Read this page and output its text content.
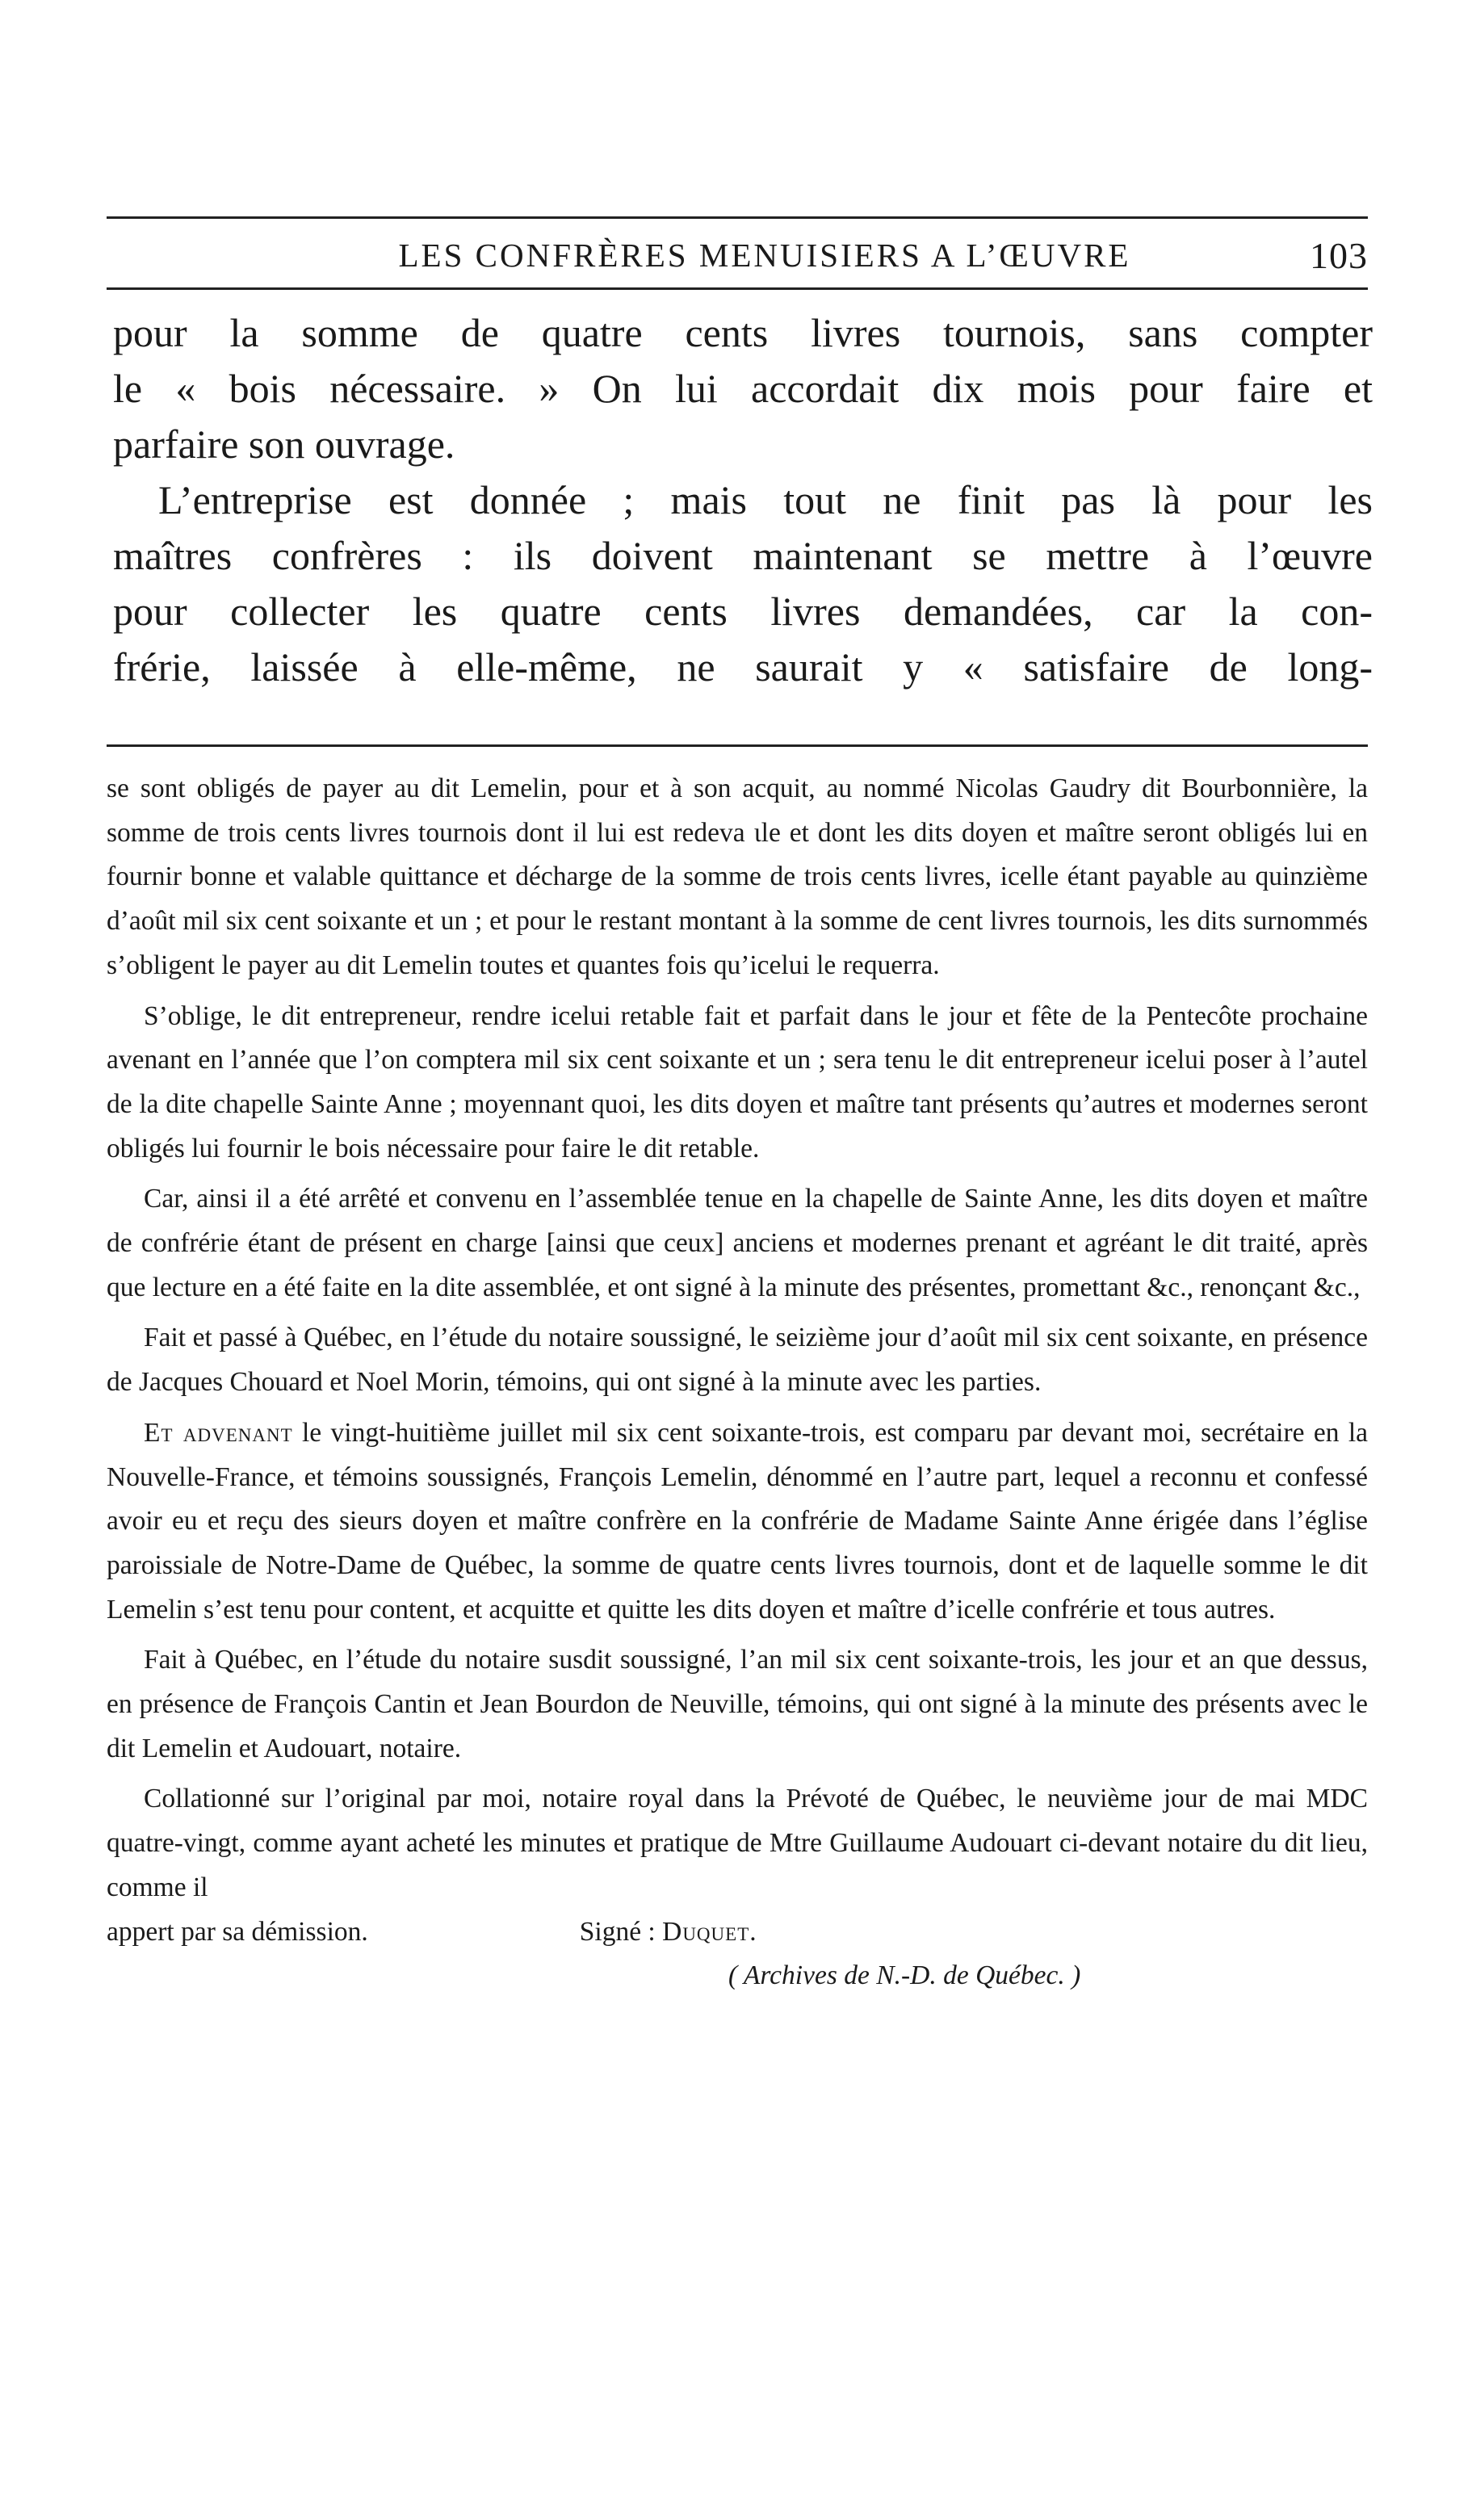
LES CONFRÈRES MENUISIERS A L’ŒUVRE	103
pour la somme de quatre cents livres tournois, sans compter
le « bois nécessaire. » On lui accordait dix mois pour faire et
parfaire son ouvrage.
L’entreprise est donnée ; mais tout ne finit pas là pour les
maîtres confrères : ils doivent maintenant se mettre à l’œuvre
pour collecter les quatre cents livres demandées, car la con-
frérie, laissée à elle-même, ne saurait y « satisfaire de long-

se sont obligés de payer au dit Lemelin, pour et à son acquit, au nommé Nicolas Gaudry dit Bourbonnière, la somme de trois cents livres tournois dont il lui est redeva ɩle et dont les dits doyen et maître seront obligés lui en fournir bonne et valable quittance et décharge de la somme de trois cents livres, icelle étant payable au quinzième d’août mil six cent soixante et un ; et pour le restant montant à la somme de cent livres tournois, les dits surnommés s’obligent le payer au dit Lemelin toutes et quantes fois qu’icelui le requerra.

S’oblige, le dit entrepreneur, rendre icelui retable fait et parfait dans le jour et fête de la Pentecôte prochaine avenant en l’année que l’on comptera mil six cent soixante et un ; sera tenu le dit entrepreneur icelui poser à l’autel de la dite chapelle Sainte Anne ; moyennant quoi, les dits doyen et maître tant présents qu’autres et modernes seront obligés lui fournir le bois nécessaire pour faire le dit retable.

Car, ainsi il a été arrêté et convenu en l’assemblée tenue en la chapelle de Sainte Anne, les dits doyen et maître de confrérie étant de présent en charge [ainsi que ceux] anciens et modernes prenant et agréant le dit traité, après que lecture en a été faite en la dite assemblée, et ont signé à la minute des présentes, promettant &c., renonçant &c.,

Fait et passé à Québec, en l’étude du notaire soussigné, le seizième jour d’août mil six cent soixante, en présence de Jacques Chouard et Noel Morin, témoins, qui ont signé à la minute avec les parties.

Et advenant le vingt-huitième juillet mil six cent soixante-trois, est comparu par devant moi, secrétaire en la Nouvelle-France, et témoins soussignés, François Lemelin, dénommé en l’autre part, lequel a reconnu et confessé avoir eu et reçu des sieurs doyen et maître confrère en la confrérie de Madame Sainte Anne érigée dans l’église paroissiale de Notre-Dame de Québec, la somme de quatre cents livres tournois, dont et de laquelle somme le dit Lemelin s’est tenu pour content, et acquitte et quitte les dits doyen et maître d’icelle confrérie et tous autres.

Fait à Québec, en l’étude du notaire susdit soussigné, l’an mil six cent soixante-trois, les jour et an que dessus, en présence de François Cantin et Jean Bourdon de Neuville, témoins, qui ont signé à la minute des présents avec le dit Lemelin et Audouart, notaire.

Collationné sur l’original par moi, notaire royal dans la Prévoté de Québec, le neuvième jour de mai MDC quatre-vingt, comme ayant acheté les minutes et pratique de Mtre Guillaume Audouart ci-devant notaire du dit lieu, comme il

appert par sa démission.	Signé : Duquet.
( Archives de N.-D. de Québec. )
